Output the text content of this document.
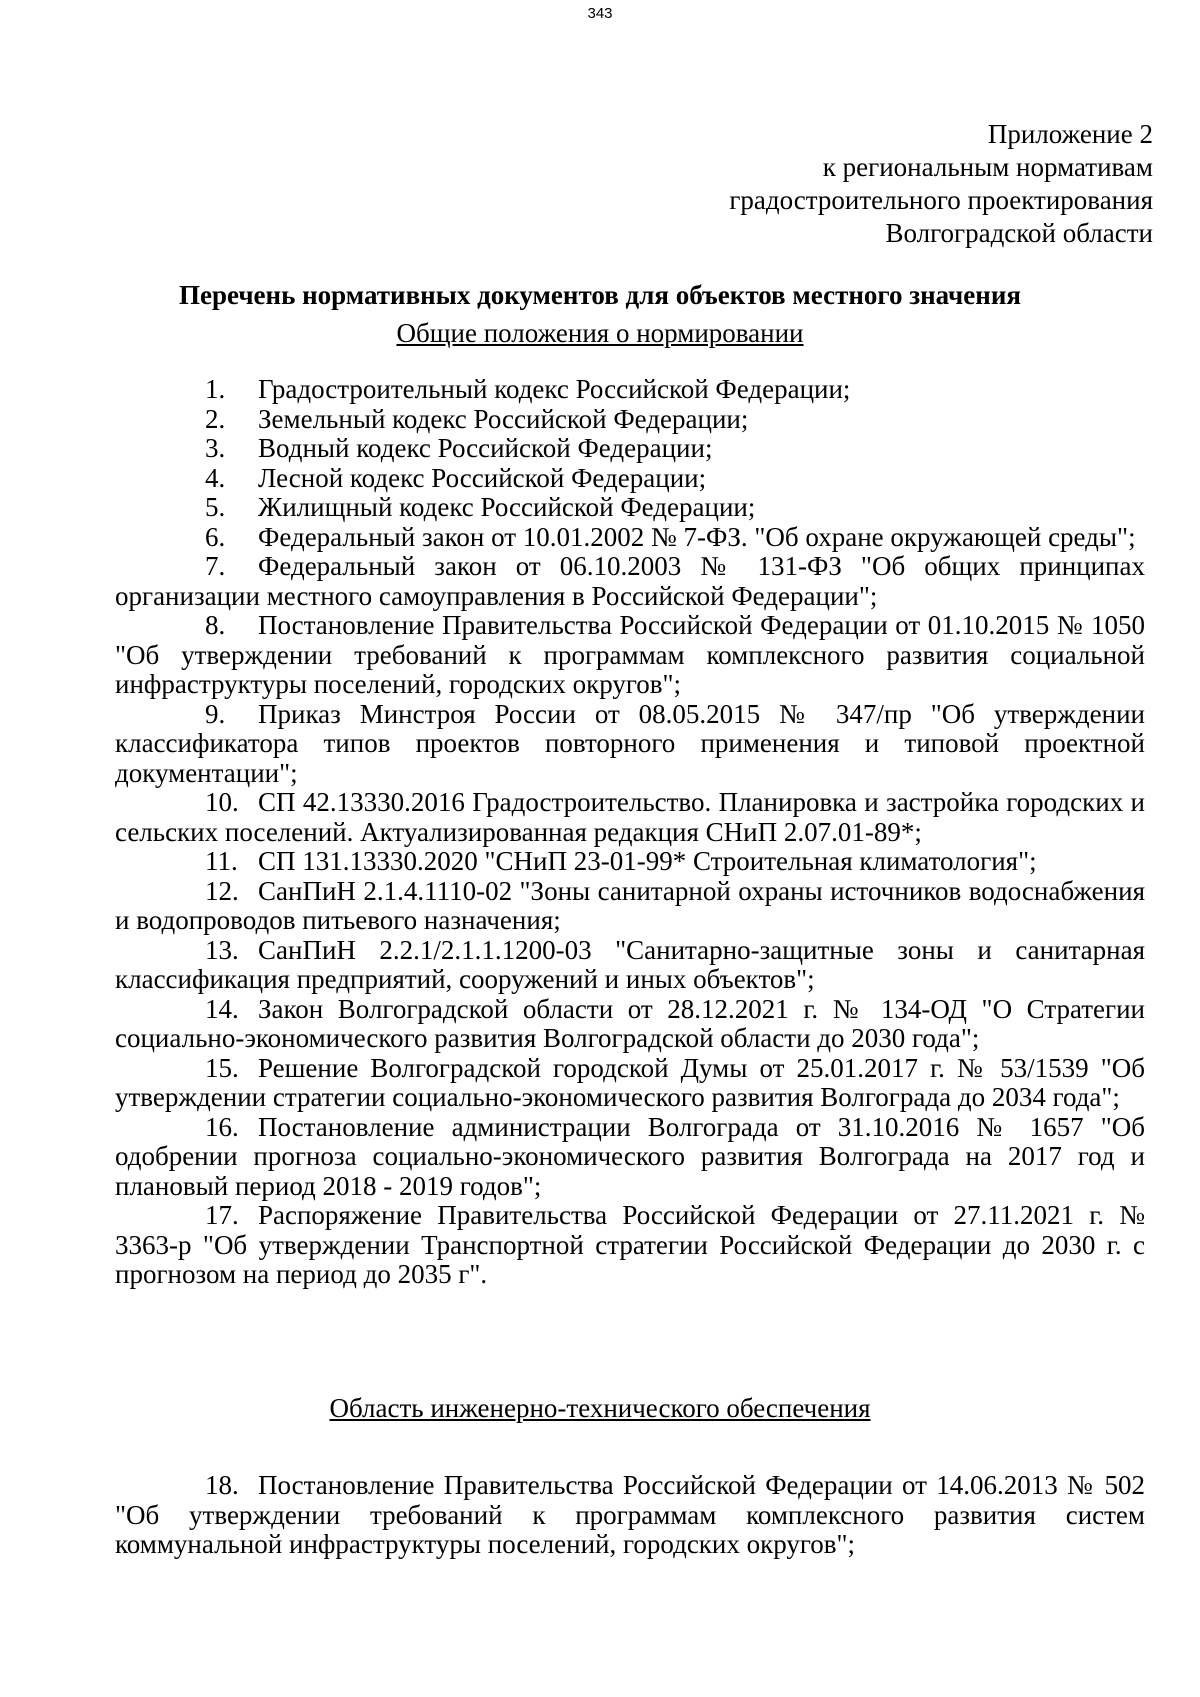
343
Приложение 2
к региональным нормативам
градостроительного проектирования
Волгоградской области
Перечень нормативных документов для объектов местного значения
Общие положения о нормировании

1. Градостроительный кодекс Российской Федерации;

2. Земельный кодекс Российской Федерации;

3. Водный кодекс Российской Федерации;

4. Лесной кодекс Российской Федерации;

5. Жилищный кодекс Российской Федерации;

6. Федеральный закон от 10.01.2002 № 7-ФЗ. "Об охране окружающей среды";

7. Федеральный закон от 06.10.2003 № 131-ФЗ "Об общих принципах организации местного самоуправления в Российской Федерации";

8. Постановление Правительства Российской Федерации от 01.10.2015 № 1050 "Об утверждении требований к программам комплексного развития социальной инфраструктуры поселений, городских округов";

9. Приказ Минстроя России от 08.05.2015 № 347/пр "Об утверждении классификатора типов проектов повторного применения и типовой проектной документации";

10. СП 42.13330.2016 Градостроительство. Планировка и застройка городских и сельских поселений. Актуализированная редакция СНиП 2.07.01-89*;

11. СП 131.13330.2020 "СНиП 23-01-99* Строительная климатология";

12. СанПиН 2.1.4.1110-02 "Зоны санитарной охраны источников водоснабжения и водопроводов питьевого назначения;

13. СанПиН 2.2.1/2.1.1.1200-03 "Санитарно-защитные зоны и санитарная классификация предприятий, сооружений и иных объектов";

14. Закон Волгоградской области от 28.12.2021 г. № 134-ОД "О Стратегии социально-экономического развития Волгоградской области до 2030 года";

15. Решение Волгоградской городской Думы от 25.01.2017 г. № 53/1539 "Об утверждении стратегии социально-экономического развития Волгограда до 2034 года";

16. Постановление администрации Волгограда от 31.10.2016 № 1657 "Об одобрении прогноза социально-экономического развития Волгограда на 2017 год и плановый период 2018 - 2019 годов";

17. Распоряжение Правительства Российской Федерации от 27.11.2021 г. № 3363-р "Об утверждении Транспортной стратегии Российской Федерации до 2030 г. с прогнозом на период до 2035 г".

Область инженерно-технического обеспечения

18. Постановление Правительства Российской Федерации от 14.06.2013 № 502 "Об утверждении требований к программам комплексного развития систем коммунальной инфраструктуры поселений, городских округов";
